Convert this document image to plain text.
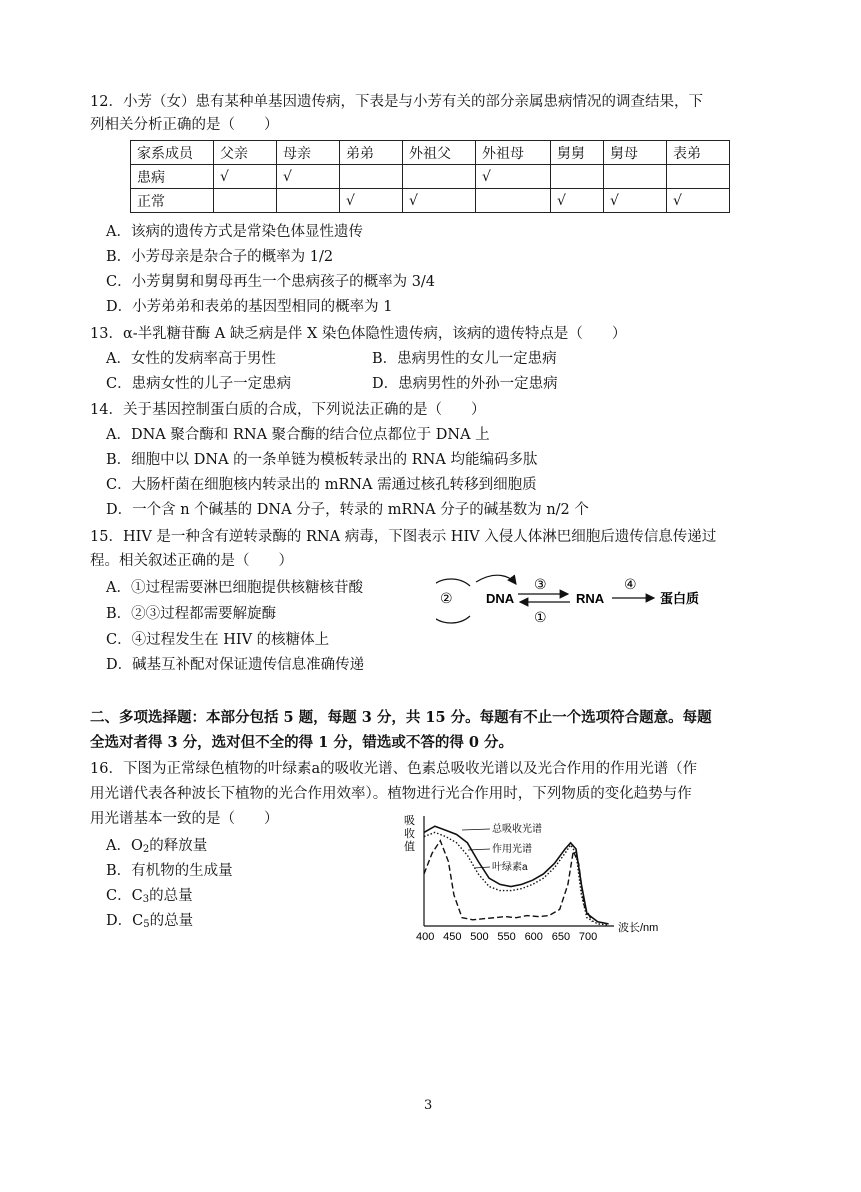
12．小芳（女）患有某种单基因遗传病，下表是与小芳有关的部分亲属患病情况的调查结果，下
列相关分析正确的是（　　）
家系成员	父亲	母亲	弟弟	外祖父	外祖母	舅舅	舅母	表弟
患病	√	√			√			
正常			√	√		√	√	√
A．该病的遗传方式是常染色体显性遗传
B．小芳母亲是杂合子的概率为 1/2
C．小芳舅舅和舅母再生一个患病孩子的概率为 3/4
D．小芳弟弟和表弟的基因型相同的概率为 1
13．α-半乳糖苷酶 A 缺乏病是伴 X 染色体隐性遗传病，该病的遗传特点是（　　）
A．女性的发病率高于男性	B．患病男性的女儿一定患病
C．患病女性的儿子一定患病	D．患病男性的外孙一定患病
14．关于基因控制蛋白质的合成，下列说法正确的是（　　）
A．DNA 聚合酶和 RNA 聚合酶的结合位点都位于 DNA 上
B．细胞中以 DNA 的一条单链为模板转录出的 RNA 均能编码多肽
C．大肠杆菌在细胞核内转录出的 mRNA 需通过核孔转移到细胞质
D．一个含 n 个碱基的 DNA 分子，转录的 mRNA 分子的碱基数为 n/2 个
15．HIV 是一种含有逆转录酶的 RNA 病毒，下图表示 HIV 入侵人体淋巴细胞后遗传信息传递过
程。相关叙述正确的是（　　）
A．①过程需要淋巴细胞提供核糖核苷酸
B．②③过程都需要解旋酶
C．④过程发生在 HIV 的核糖体上
D．碱基互补配对保证遗传信息准确传递
②	DNA
③
①
RNA
④
蛋白质
二、多项选择题：本部分包括 5 题，每题 3 分，共 15 分。每题有不止一个选项符合题意。每题
全选对者得 3 分，选对但不全的得 1 分，错选或不答的得 0 分。
16．下图为正常绿色植物的叶绿素a的吸收光谱、色素总吸收光谱以及光合作用的作用光谱（作
用光谱代表各种波长下植物的光合作用效率）。植物进行光合作用时，下列物质的变化趋势与作
用光谱基本一致的是（　　）
A．$O_2$的释放量
B．有机物的生成量
C．$C_3$的总量
D．$C_5$的总量
吸
收
值
总吸收光谱
作用光谱
叶绿素a
400 450 500 550 600 650 700
波长/nm
3
